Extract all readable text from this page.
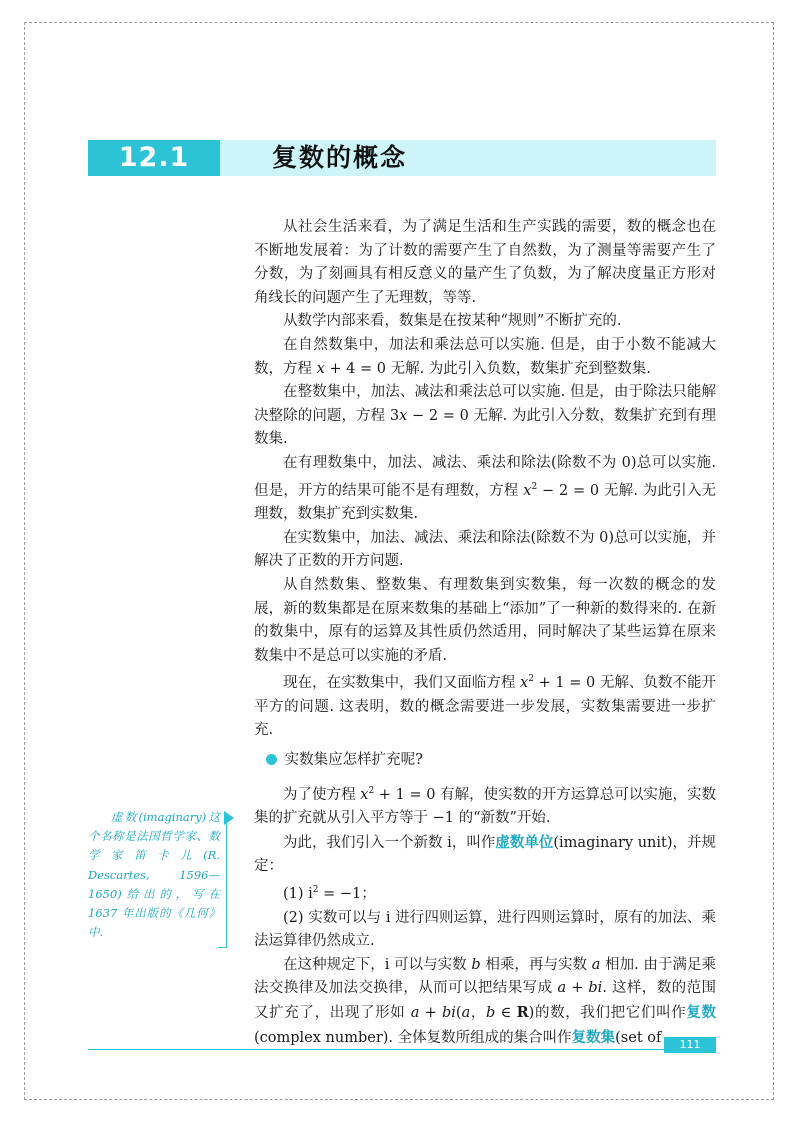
12.1	复数的概念

从社会生活来看，为了满足生活和生产实践的需要，数的概念也在不断地发展着：为了计数的需要产生了自然数，为了测量等需要产生了分数，为了刻画具有相反意义的量产生了负数，为了解决度量正方形对角线长的问题产生了无理数，等等.

从数学内部来看，数集是在按某种“规则”不断扩充的.

在自然数集中，加法和乘法总可以实施. 但是，由于小数不能减大数，方程 x + 4 = 0 无解. 为此引入负数，数集扩充到整数集.

在整数集中，加法、减法和乘法总可以实施. 但是，由于除法只能解决整除的问题，方程 3x − 2 = 0 无解. 为此引入分数，数集扩充到有理数集.

在有理数集中，加法、减法、乘法和除法(除数不为 0)总可以实施. 但是，开方的结果可能不是有理数，方程 $x^2 - 2 = 0$ 无解. 为此引入无理数，数集扩充到实数集.

在实数集中，加法、减法、乘法和除法(除数不为 0)总可以实施，并解决了正数的开方问题.

从自然数集、整数集、有理数集到实数集，每一次数的概念的发展，新的数集都是在原来数集的基础上“添加”了一种新的数得来的. 在新的数集中，原有的运算及其性质仍然适用，同时解决了某些运算在原来数集中不是总可以实施的矛盾.

现在，在实数集中，我们又面临方程 $x^2 + 1 = 0$ 无解、负数不能开平方的问题. 这表明，数的概念需要进一步发展，实数集需要进一步扩充.

实数集应怎样扩充呢?

为了使方程 $x^2 + 1 = 0$ 有解，使实数的开方运算总可以实施，实数集的扩充就从引入平方等于 −1 的“新数”开始.

为此，我们引入一个新数 i，叫作虚数单位(imaginary unit)，并规定：

(1) $i^2 = -1$；

(2) 实数可以与 i 进行四则运算，进行四则运算时，原有的加法、乘法运算律仍然成立.

在这种规定下，i 可以与实数 b 相乘，再与实数 a 相加. 由于满足乘法交换律及加法交换律，从而可以把结果写成 a + bi. 这样，数的范围又扩充了，出现了形如 a + bi(a，b ∈ R)的数，我们把它们叫作复数(complex number). 全体复数所组成的集合叫作复数集(set of

虚数(imaginary)这个名称是法国哲学家、数学家笛卡儿(R. Descartes, 1596—1650)给出的，写在 1637 年出版的《几何》中.

111
